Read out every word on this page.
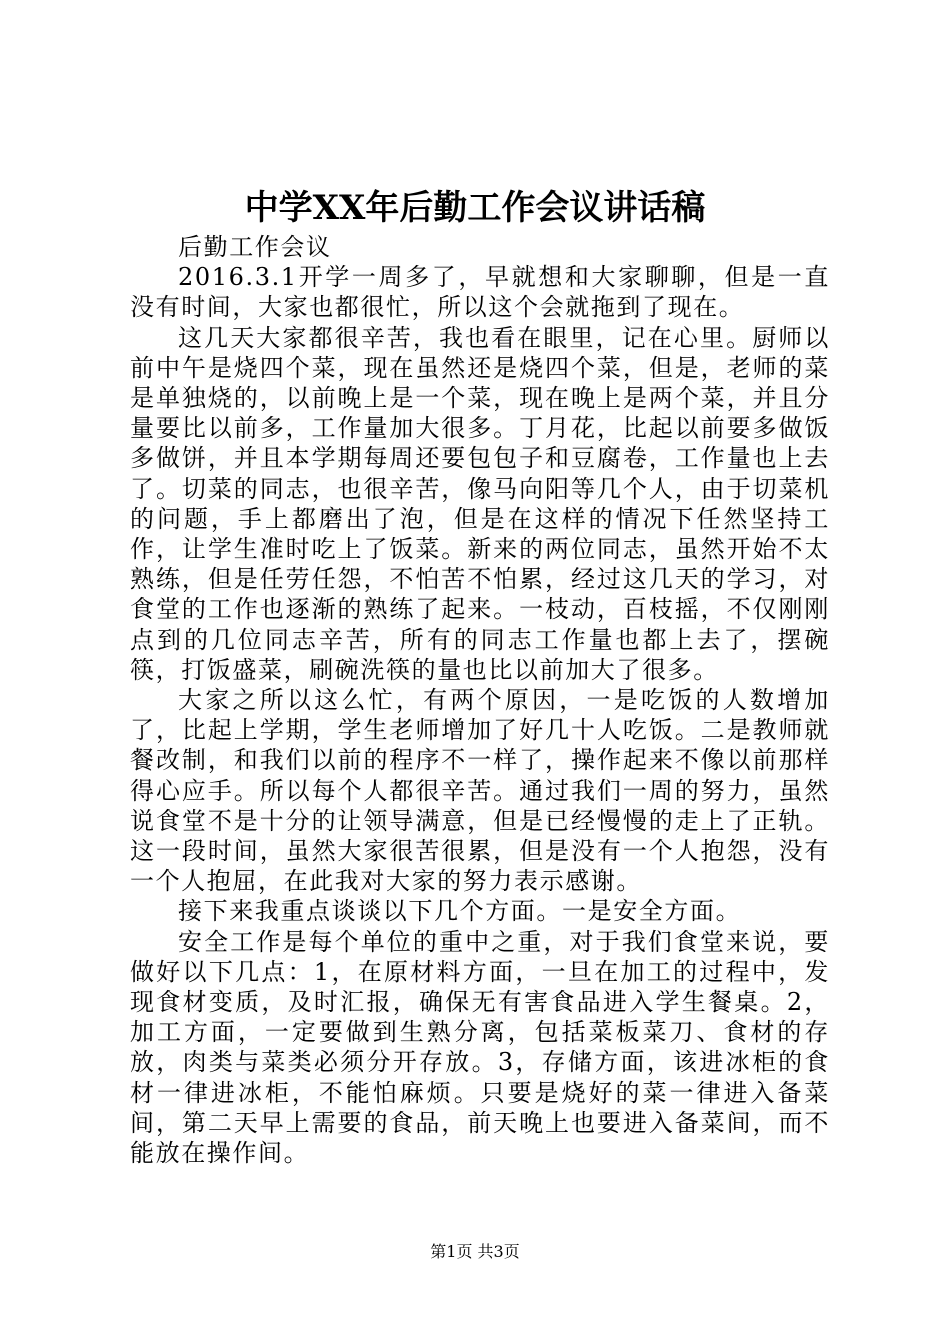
中学XX年后勤工作会议讲话稿

后勤工作会议

2016.3.1开学一周多了，早就想和大家聊聊，但是一直没有时间，大家也都很忙，所以这个会就拖到了现在。

这几天大家都很辛苦，我也看在眼里，记在心里。厨师以前中午是烧四个菜，现在虽然还是烧四个菜，但是，老师的菜是单独烧的，以前晚上是一个菜，现在晚上是两个菜，并且分量要比以前多，工作量加大很多。丁月花，比起以前要多做饭多做饼，并且本学期每周还要包包子和豆腐卷，工作量也上去了。切菜的同志，也很辛苦，像马向阳等几个人，由于切菜机的问题，手上都磨出了泡，但是在这样的情况下任然坚持工作，让学生准时吃上了饭菜。新来的两位同志，虽然开始不太熟练，但是任劳任怨，不怕苦不怕累，经过这几天的学习，对食堂的工作也逐渐的熟练了起来。一枝动，百枝摇，不仅刚刚点到的几位同志辛苦，所有的同志工作量也都上去了，摆碗筷，打饭盛菜，刷碗洗筷的量也比以前加大了很多。

大家之所以这么忙，有两个原因，一是吃饭的人数增加了，比起上学期，学生老师增加了好几十人吃饭。二是教师就餐改制，和我们以前的程序不一样了，操作起来不像以前那样得心应手。所以每个人都很辛苦。通过我们一周的努力，虽然说食堂不是十分的让领导满意，但是已经慢慢的走上了正轨。这一段时间，虽然大家很苦很累，但是没有一个人抱怨，没有一个人抱屈，在此我对大家的努力表示感谢。

接下来我重点谈谈以下几个方面。一是安全方面。

安全工作是每个单位的重中之重，对于我们食堂来说，要做好以下几点：1，在原材料方面，一旦在加工的过程中，发现食材变质，及时汇报，确保无有害食品进入学生餐桌。2，加工方面，一定要做到生熟分离，包括菜板菜刀、食材的存放，肉类与菜类必须分开存放。3，存储方面，该进冰柜的食材一律进冰柜，不能怕麻烦。只要是烧好的菜一律进入备菜间，第二天早上需要的食品，前天晚上也要进入备菜间，而不能放在操作间。

第1页 共3页
